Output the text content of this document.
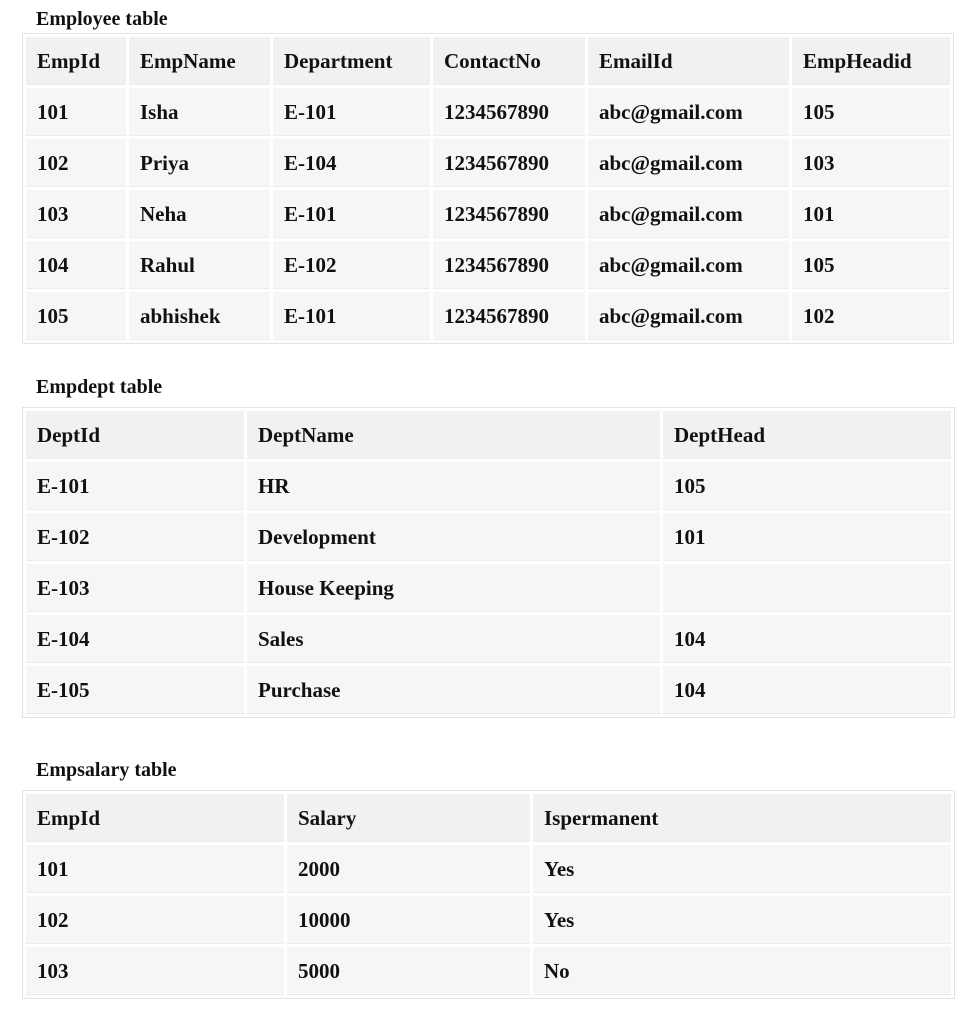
Employee table
EmpId	EmpName	Department	ContactNo	EmailId	EmpHeadid
101	Isha	E-101	1234567890	abc@gmail.com	105
102	Priya	E-104	1234567890	abc@gmail.com	103
103	Neha	E-101	1234567890	abc@gmail.com	101
104	Rahul	E-102	1234567890	abc@gmail.com	105
105	abhishek	E-101	1234567890	abc@gmail.com	102
Empdept table
DeptId	DeptName	DeptHead
E-101	HR	105
E-102	Development	101
E-103	House Keeping	
E-104	Sales	104
E-105	Purchase	104
Empsalary table
EmpId	Salary	Ispermanent
101	2000	Yes
102	10000	Yes
103	5000	No
